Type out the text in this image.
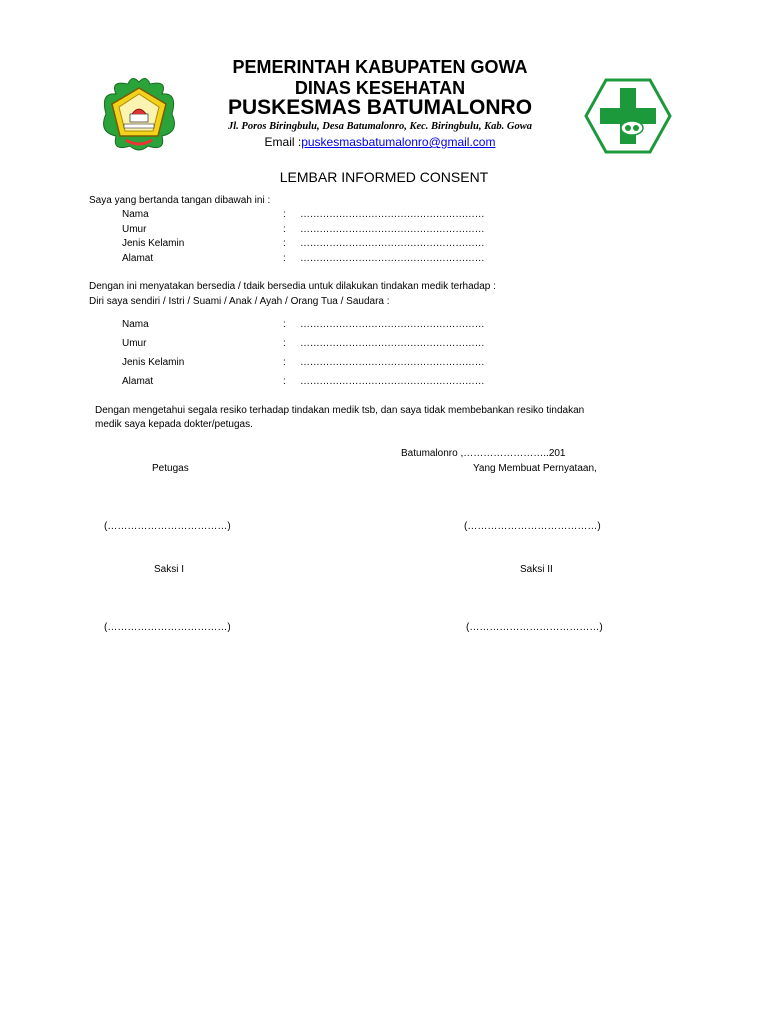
PEMERINTAH KABUPATEN GOWA
DINAS KESEHATAN
PUSKESMAS BATUMALONRO
Jl. Poros Biringbulu, Desa Batumalonro, Kec. Biringbulu, Kab. Gowa
Email :puskesmasbatumalonro@gmail.com
LEMBAR INFORMED CONSENT
Saya yang bertanda tangan dibawah ini :
Nama	: …………………………………………………
Umur	: …………………………………………………
Jenis Kelamin	: …………………………………………………
Alamat	: …………………………………………………
Dengan ini menyatakan bersedia / tdaik bersedia untuk dilakukan tindakan medik terhadap :
Diri saya sendiri / Istri / Suami / Anak / Ayah / Orang Tua / Saudara :
Nama	: …………………………………………………
Umur	: …………………………………………………
Jenis Kelamin	: …………………………………………………
Alamat	: …………………………………………………
Dengan mengetahui segala resiko terhadap tindakan medik tsb, dan saya tidak membebankan resiko tindakan
medik saya kepada dokter/petugas.
Batumalonro ,……………………..201
Petugas	Yang Membuat Pernyataan,
(………………………………)	(…………………………………)
Saksi I	Saksi II
(………………………………)	(…………………………………)
